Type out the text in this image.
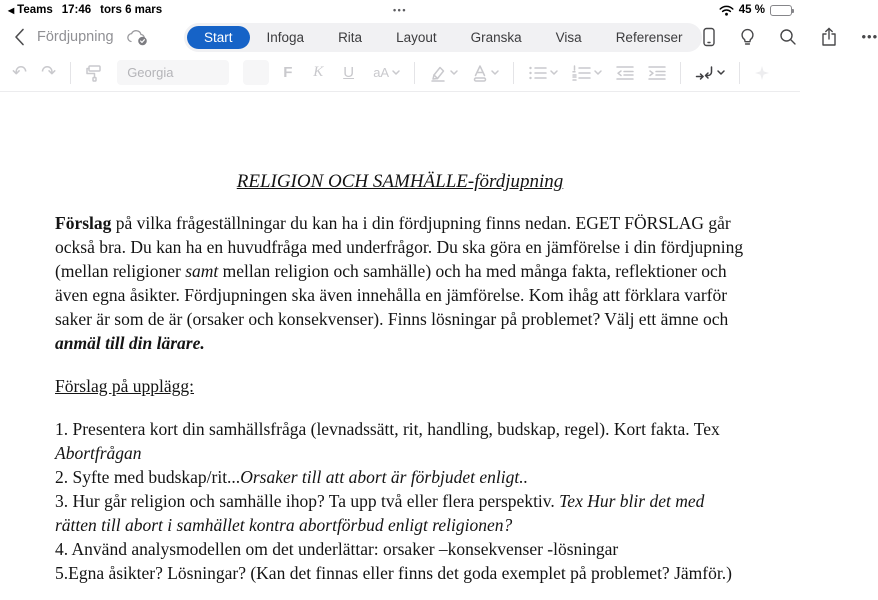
◀ Teams 17:46 tors 6 mars	•••	45 %
Fördjupning	Start	Infoga	Rita	Layout	Granska	Visa	Referenser	•••
↶ ↷	Georgia	F	K	U	aA
RELIGION OCH SAMHÄLLE-fördjupning
Förslag på vilka frågeställningar du kan ha i din fördjupning finns nedan. EGET FÖRSLAG går också bra. Du kan ha en huvudfråga med underfrågor. Du ska göra en jämförelse i din fördjupning (mellan religioner samt mellan religion och samhälle) och ha med många fakta, reflektioner och även egna åsikter. Fördjupningen ska även innehålla en jämförelse. Kom ihåg att förklara varför saker är som de är (orsaker och konsekvenser). Finns lösningar på problemet? Välj ett ämne och anmäl till din lärare.
Förslag på upplägg:
1. Presentera kort din samhällsfråga (levnadssätt, rit, handling, budskap, regel). Kort fakta. Tex Abortfrågan
2. Syfte med budskap/rit...Orsaker till att abort är förbjudet enligt..
3. Hur går religion och samhälle ihop? Ta upp två eller flera perspektiv. Tex Hur blir det med rätten till abort i samhället kontra abortförbud enligt religionen?
4. Använd analysmodellen om det underlättar: orsaker –konsekvenser -lösningar
5.Egna åsikter? Lösningar? (Kan det finnas eller finns det goda exemplet på problemet? Jämför.)
